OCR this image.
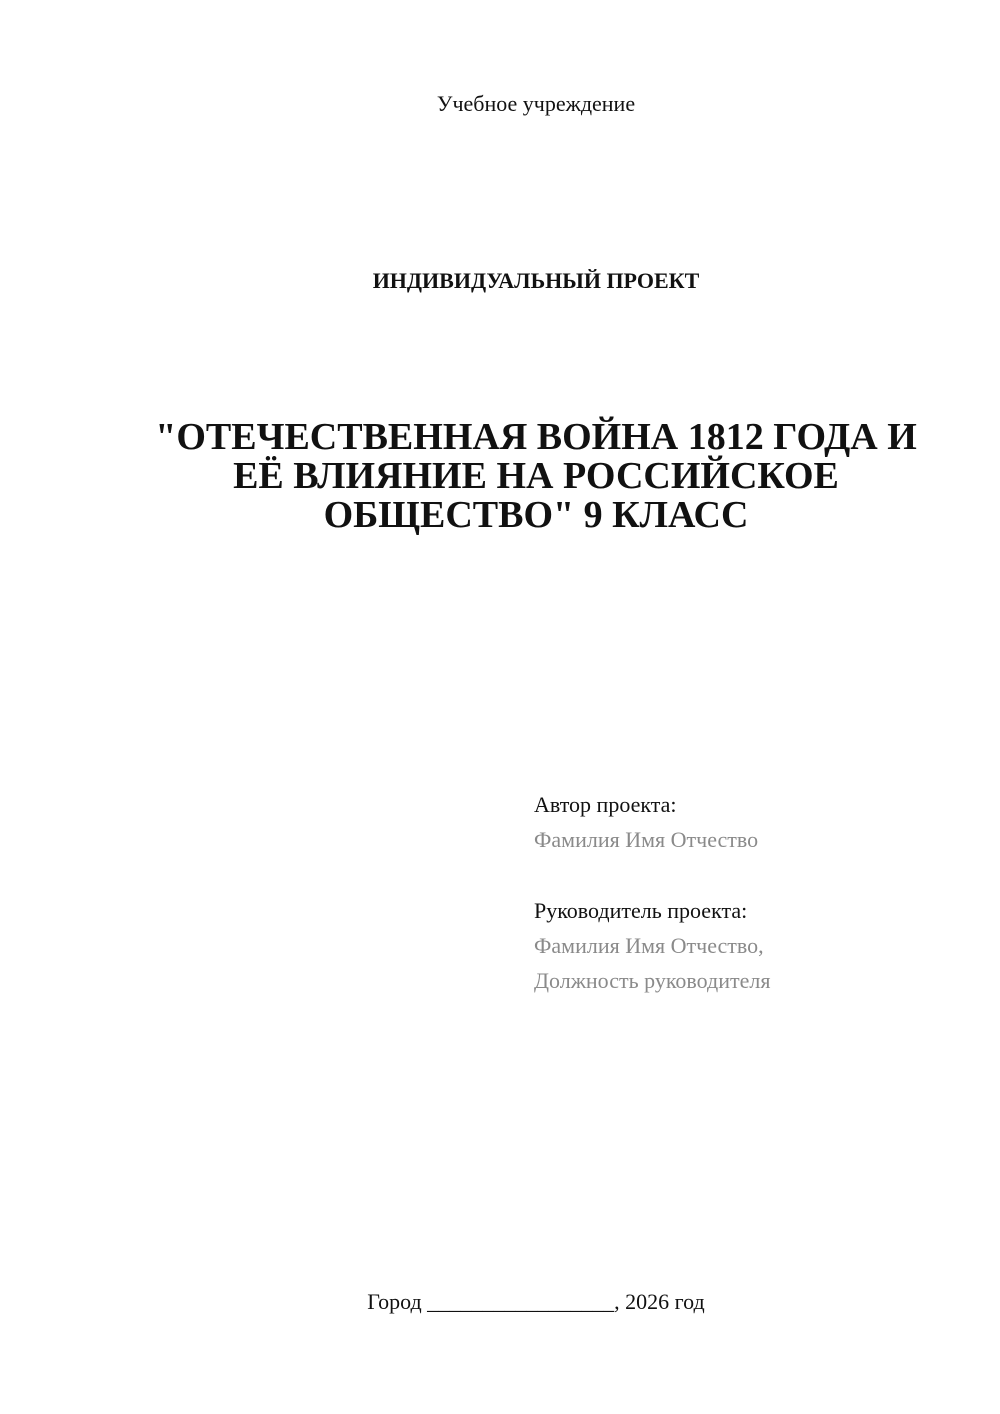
Учебное учреждение
ИНДИВИДУАЛЬНЫЙ ПРОЕКТ
"ОТЕЧЕСТВЕННАЯ ВОЙНА 1812 ГОДА И
ЕЁ ВЛИЯНИЕ НА РОССИЙСКОЕ
ОБЩЕСТВО" 9 КЛАСС
Автор проекта:
Фамилия Имя Отчество
Руководитель проекта:
Фамилия Имя Отчество,
Должность руководителя
Город _________________, 2026 год
